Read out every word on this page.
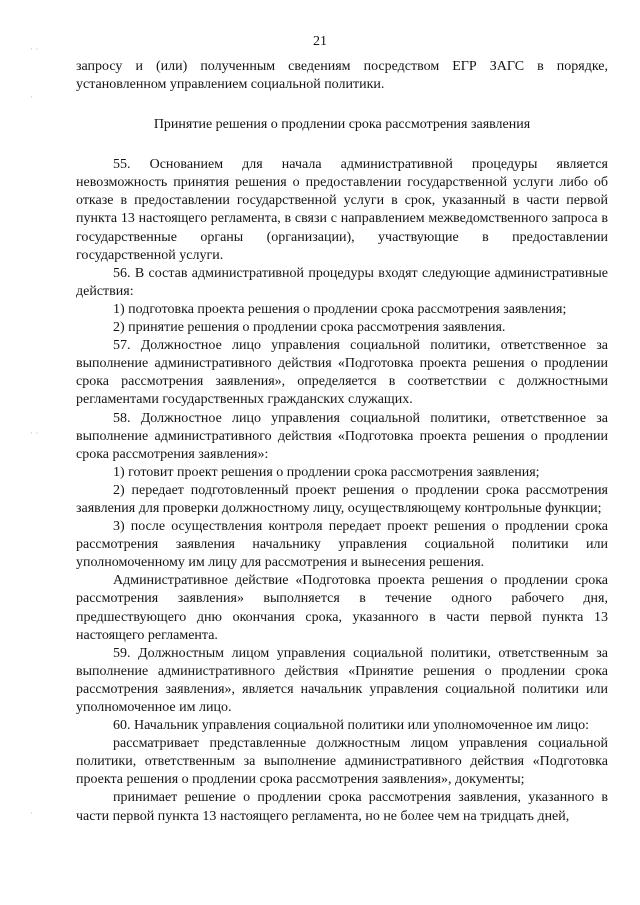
· ·
·
· ·
·
21

запросу и (или) полученным сведениям посредством ЕГР ЗАГС в порядке, установленном управлением социальной политики.

Принятие решения о продлении срока рассмотрения заявления

55. Основанием для начала административной процедуры является невозможность принятия решения о предоставлении государственной услуги либо об отказе в предоставлении государственной услуги в срок, указанный в части первой пункта 13 настоящего регламента, в связи с направлением межведомственного запроса в государственные органы (организации), участвующие в предоставлении государственной услуги.

56. В состав административной процедуры входят следующие административные действия:

1) подготовка проекта решения о продлении срока рассмотрения заявления;

2) принятие решения о продлении срока рассмотрения заявления.

57. Должностное лицо управления социальной политики, ответственное за выполнение административного действия «Подготовка проекта решения о продлении срока рассмотрения заявления», определяется в соответствии с должностными регламентами государственных гражданских служащих.

58. Должностное лицо управления социальной политики, ответственное за выполнение административного действия «Подготовка проекта решения о продлении срока рассмотрения заявления»:

1) готовит проект решения о продлении срока рассмотрения заявления;

2) передает подготовленный проект решения о продлении срока рассмотрения заявления для проверки должностному лицу, осуществляющему контрольные функции;

3) после осуществления контроля передает проект решения о продлении срока рассмотрения заявления начальнику управления социальной политики или уполномоченному им лицу для рассмотрения и вынесения решения.

Административное действие «Подготовка проекта решения о продлении срока рассмотрения заявления» выполняется в течение одного рабочего дня, предшествующего дню окончания срока, указанного в части первой пункта 13 настоящего регламента.

59. Должностным лицом управления социальной политики, ответственным за выполнение административного действия «Принятие решения о продлении срока рассмотрения заявления», является начальник управления социальной политики или уполномоченное им лицо.

60. Начальник управления социальной политики или уполномоченное им лицо:

рассматривает представленные должностным лицом управления социальной политики, ответственным за выполнение административного действия «Подготовка проекта решения о продлении срока рассмотрения заявления», документы;

принимает решение о продлении срока рассмотрения заявления, указанного в части первой пункта 13 настоящего регламента, но не более чем на тридцать дней,
